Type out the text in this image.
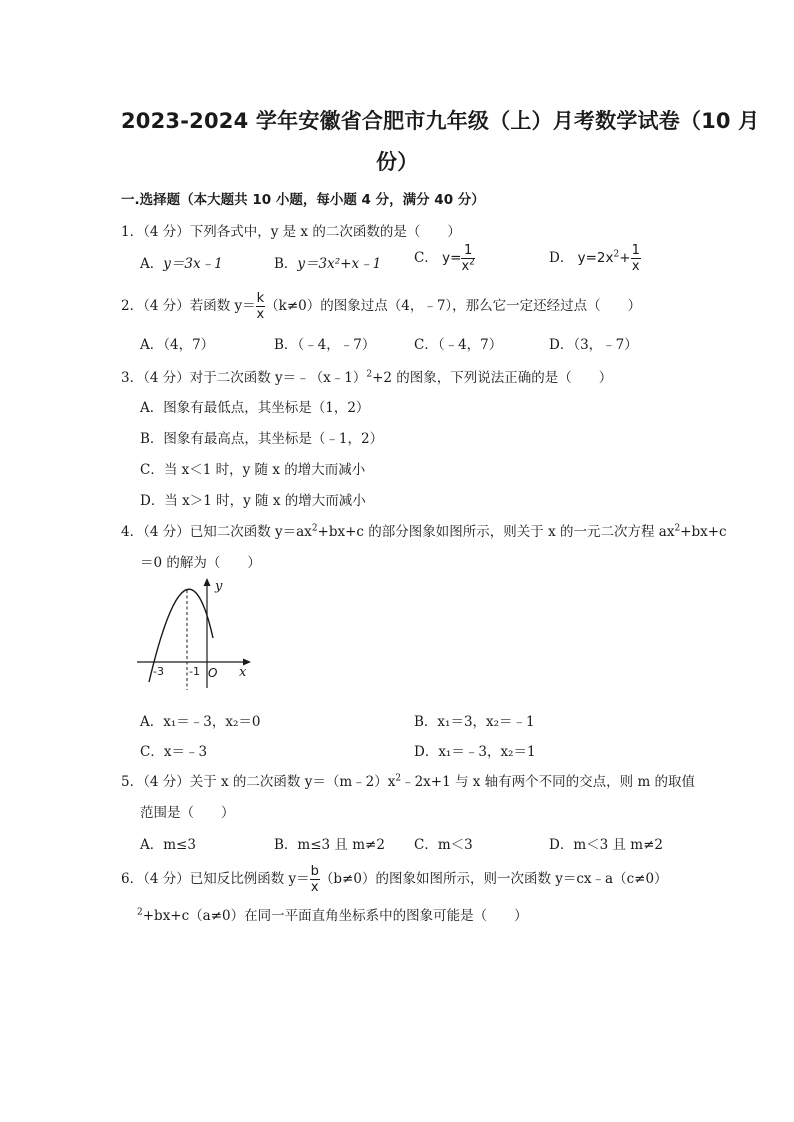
2023-2024 学年安徽省合肥市九年级（上）月考数学试卷（10 月
份）
一.选择题（本大题共 10 小题，每小题 4 分，满分 40 分）
1．（4 分）下列各式中，y 是 x 的二次函数的是（　　）
A．y＝3x﹣1	B．y＝3x²+x﹣1 C． $y= \frac{1}{x^2}$	D． $y=2x^2+ \frac{1}{x}$
2．（4 分）若函数 $y= \frac{k}{x} (k\ne 0)$的图象过点（4，﹣7），那么它一定还经过点（　　）
A．（4，7）	B．（﹣4，﹣7）	C．（﹣4，7）	D．（3，﹣7）
3．（4 分）对于二次函数 y＝﹣（x﹣1）$^2$+2 的图象，下列说法正确的是（　　）
A．图象有最低点，其坐标是（1，2）
B．图象有最高点，其坐标是（﹣1，2）
C．当 x＜1 时，y 随 x 的增大而减小
D．当 x＞1 时，y 随 x 的增大而减小
4．（4 分）已知二次函数 $y=ax^2+bx+c$ 的部分图象如图所示，则关于 x 的一元二次方程 $ax^2+bx+c$
＝0 的解为（　　）
y
x
O
-3 -1
A．x₁＝﹣3，x₂＝0	B．x₁＝3，x₂＝﹣1
C．x＝﹣3	D．x₁＝﹣3，x₂＝1
5．（4 分）关于 x 的二次函数 $y=(m﹣2)x^2﹣2x+1$ 与 x 轴有两个不同的交点，则 m 的取值
范围是（　　）
A．m≤3	B．m≤3 且 m≠2 C．m＜3	D．m＜3 且 m≠2
6．（4 分）已知反比例函数 $y= \frac{b}{x} (b\ne 0)$的图象如图所示，则一次函数 y＝cx﹣a（c≠0）
$^2$+bx+c（a≠0）在同一平面直角坐标系中的图象可能是（　　）
